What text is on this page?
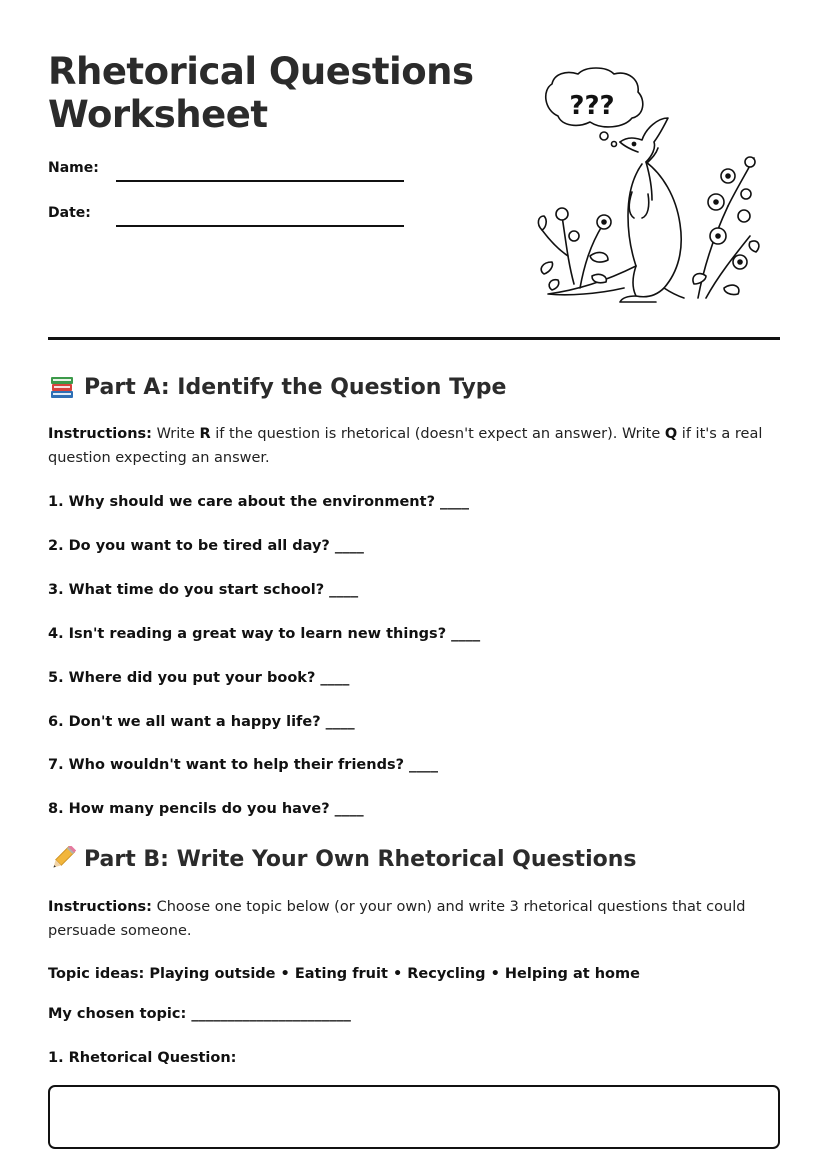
Rhetorical Questions
Worksheet
Name:
Date:
???
Part A: Identify the Question Type

Instructions: Write R if the question is rhetorical (doesn't expect an answer). Write Q if it's a real question expecting an answer.

1. Why should we care about the environment? ____
2. Do you want to be tired all day? ____
3. What time do you start school? ____
4. Isn't reading a great way to learn new things? ____
5. Where did you put your book? ____
6. Don't we all want a happy life? ____
7. Who wouldn't want to help their friends? ____
8. How many pencils do you have? ____
Part B: Write Your Own Rhetorical Questions

Instructions: Choose one topic below (or your own) and write 3 rhetorical questions that could persuade someone.

Topic ideas: Playing outside • Eating fruit • Recycling • Helping at home
My chosen topic: ______________________
1. Rhetorical Question:
